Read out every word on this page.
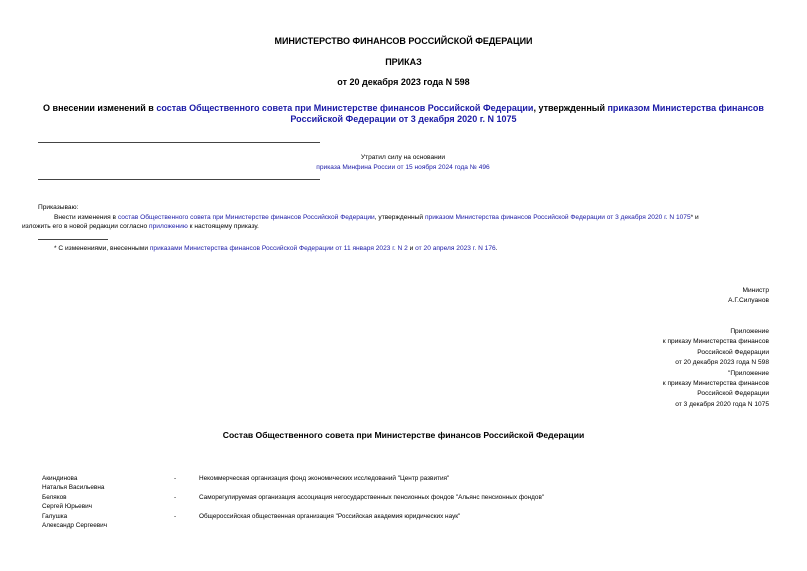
МИНИСТЕРСТВО ФИНАНСОВ РОССИЙСКОЙ ФЕДЕРАЦИИ
ПРИКАЗ
от 20 декабря 2023 года N 598
О внесении изменений в состав Общественного совета при Министерстве финансов Российской Федерации, утвержденный приказом Министерства финансов Российской Федерации от 3 декабря 2020 г. N 1075
Утратил силу на основании
приказа Минфина России от 15 ноября 2024 года № 496
Приказываю:
Внести изменения в состав Общественного совета при Министерстве финансов Российской Федерации, утвержденный приказом Министерства финансов Российской Федерации от 3 декабря 2020 г. N 1075* и
изложить его в новой редакции согласно приложению к настоящему приказу.
* С изменениями, внесенными приказами Министерства финансов Российской Федерации от 11 января 2023 г. N 2 и от 20 апреля 2023 г. N 176.
Министр
А.Г.Силуанов
Приложение
к приказу Министерства финансов
Российской Федерации
от 20 декабря 2023 года N 598
"Приложение
к приказу Министерства финансов
Российской Федерации
от 3 декабря 2020 года N 1075
Состав Общественного совета при Министерстве финансов Российской Федерации
Акиндинова
Наталья Васильевна
-	Некоммерческая организация фонд экономических исследований "Центр развития"
Беляков
Сергей Юрьевич
-	Саморегулируемая организация ассоциация негосударственных пенсионных фондов "Альянс пенсионных фондов"
Галушка
Александр Сергеевич
-	Общероссийская общественная организация "Российская академия юридических наук"
